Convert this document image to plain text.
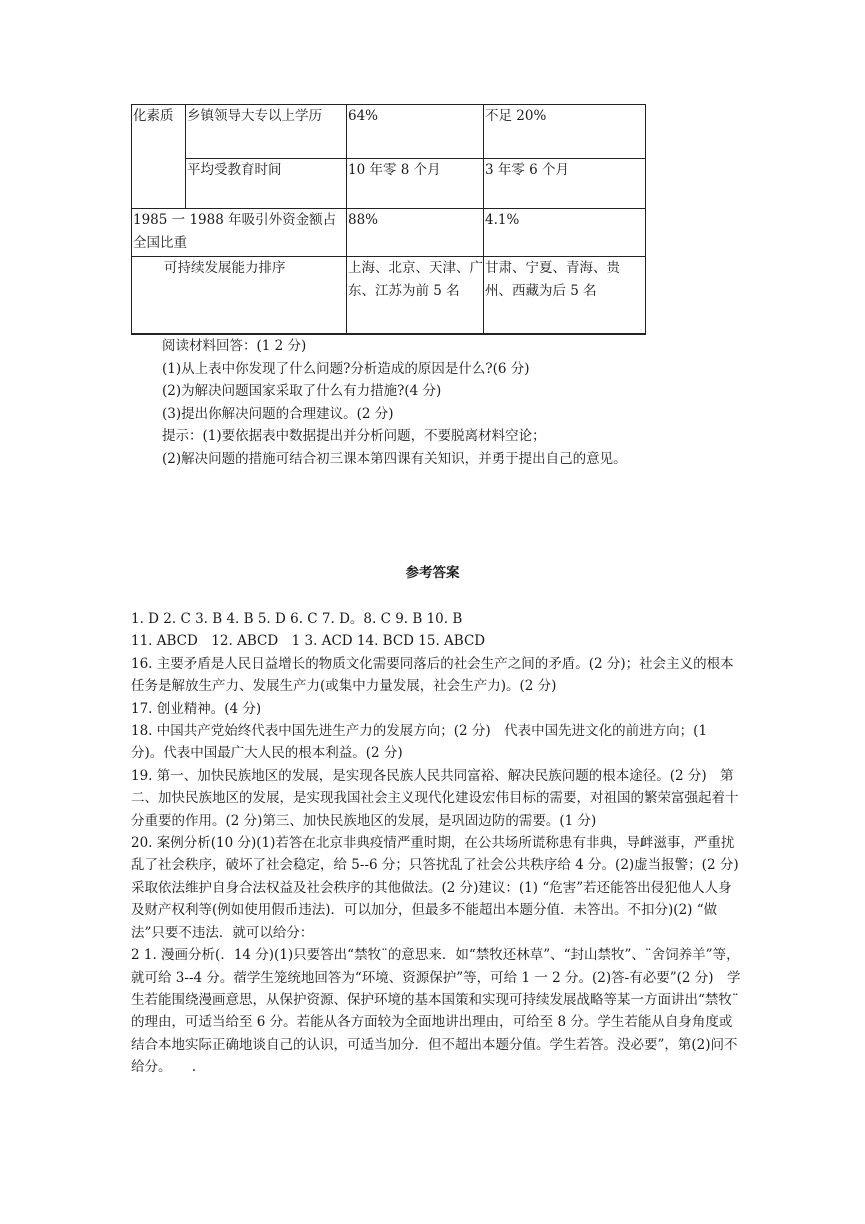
化素质	乡镇领导大专以上学历	64%	不足 20%
	平均受教育时间	10 年零 8 个月	3 年零 6 个月
1985 一 1988 年吸引外资金额占全国比重		88%	4.1%
可持续发展能力排序		上海、北京、天津、广东、江苏为前 5 名	甘肃、宁夏、青海、贵州、西藏为后 5 名
阅读材料回答：(1 2 分)
(1)从上表中你发现了什么问题?分析造成的原因是什么?(6 分)
(2)为解决问题国家采取了什么有力措施?(4 分)
(3)提出你解决问题的合理建议。(2 分)
提示：(1)要依据表中数据提出并分析问题，不要脱离材料空论；
(2)解决问题的措施可结合初三课本第四课有关知识，并勇于提出自己的意见。
参考答案

1. D 2. C 3. B 4. B 5. D 6. C 7. D。8. C 9. B 10. B

11. ABCD　12. ABCD　1 3. ACD 14. BCD 15. ABCD

16. 主要矛盾是人民日益增长的物质文化需要同落后的社会生产之间的矛盾。(2 分)；社会主义的根本任务是解放生产力、发展生产力(或集中力量发展，社会生产力)。(2 分)

17. 创业精神。(4 分)

18. 中国共产党始终代表中国先进生产力的发展方向；(2 分)　代表中国先进文化的前进方向；(1 分)。代表中国最广大人民的根本利益。(2 分)

19. 第一、加快民族地区的发展，是实现各民族人民共同富裕、解决民族问题的根本途径。(2 分)　第二、加快民族地区的发展，是实现我国社会主义现代化建设宏伟目标的需要，对祖国的繁荣富强起着十分重要的作用。(2 分)第三、加快民族地区的发展，是巩固边防的需要。(1 分)

20. 案例分析(10 分)(1)若答在北京非典疫情严重时期，在公共场所谎称患有非典，导衅滋事，严重扰乱了社会秩序，破坏了社会稳定，给 5--6 分；只答扰乱了社会公共秩序给 4 分。(2)虚当报警；(2 分)采取依法维护自身合法权益及社会秩序的其他做法。(2 分)建议：(1) “危害”若还能答出侵犯他人人身及财产权利等(例如使用假币违法)．可以加分，但最多不能超出本题分值．未答出。不扣分)(2) “做法”只要不违法．就可以给分：

2 1. 漫画分析(．14 分)(1)只要答出“禁牧¨的意思来．如“禁牧还林草”、“封山禁牧”、¨舍饲养羊”等，就可给 3--4 分。蓿学生笼统地回答为“环境、资源保护”等，可给 1 一 2 分。(2)答-有必要”(2 分)　学生若能围绕漫画意思，从保护资源、保护环境的基本国策和实现可持续发展战略等某一方面讲出“禁牧¨的理由，可适当给至 6 分。若能从各方面较为全面地讲出理由，可给至 8 分。学生若能从自身角度或结合本地实际正确地谈自己的认识，可适当加分．但不超出本题分值。学生若答。没必要”，第(2)问不给分。　　.
